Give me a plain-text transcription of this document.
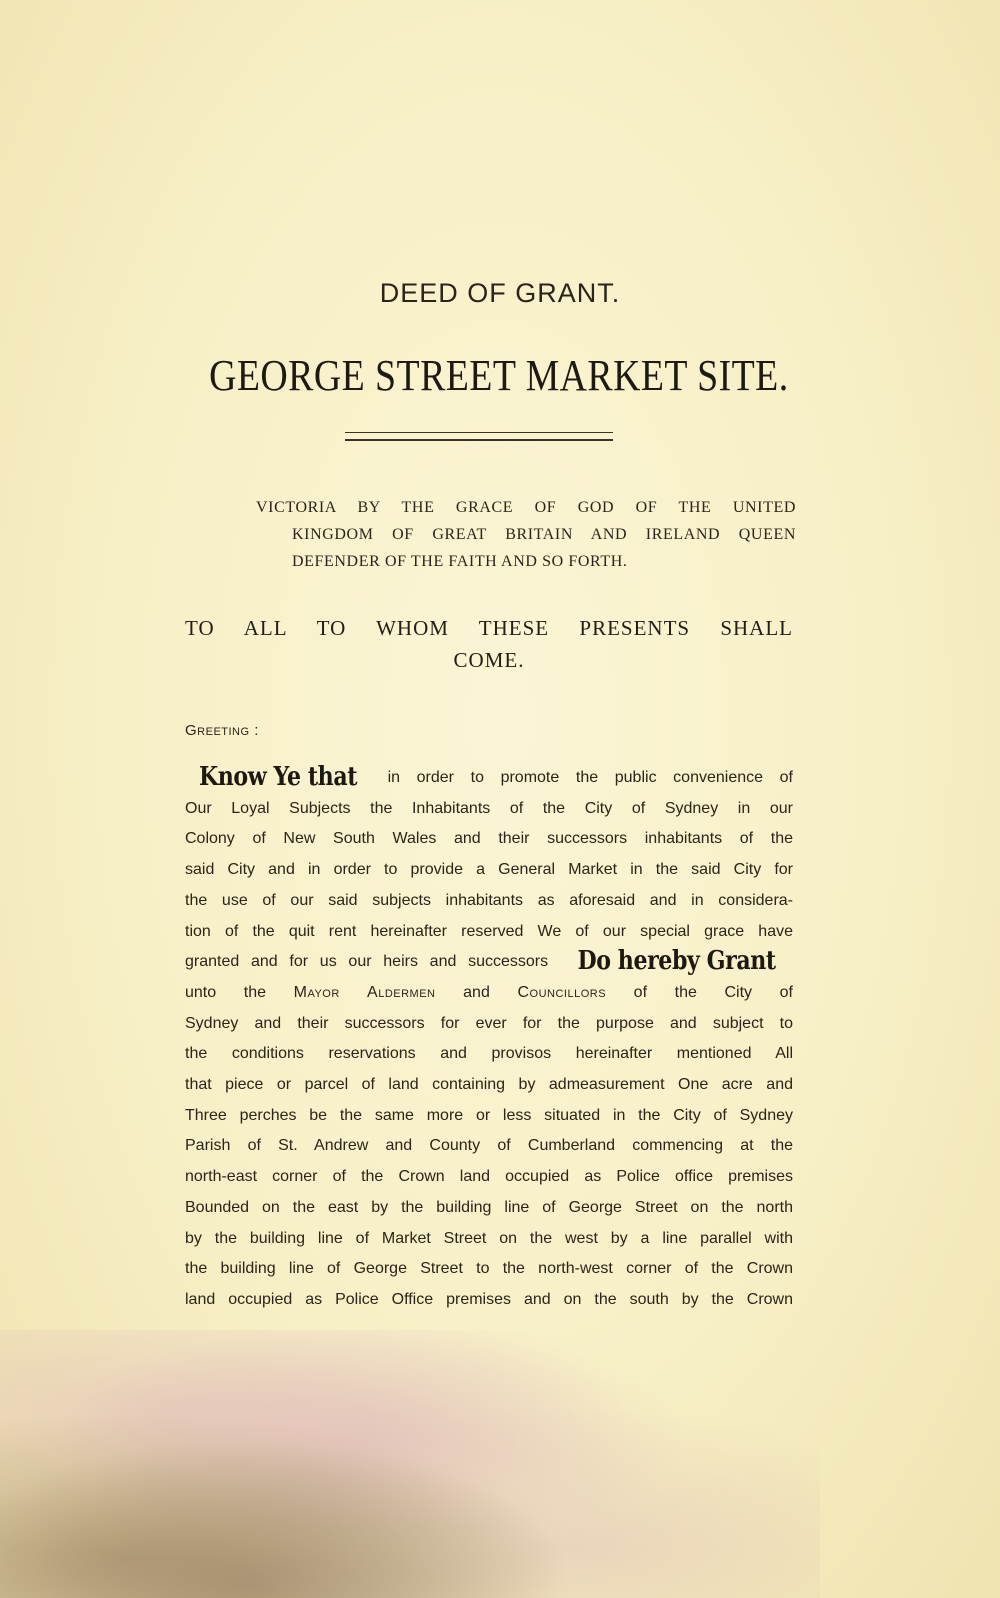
DEED OF GRANT.
GEORGE STREET MARKET SITE.
VICTORIA BY THE GRACE OF GOD OF THE UNITED
KINGDOM OF GREAT BRITAIN AND IRELAND QUEEN
DEFENDER OF THE FAITH AND SO FORTH.
TO ALL TO WHOM THESE PRESENTS SHALL
COME.
Greeting :
Know Ye that in order to promote the public convenience of
Our Loyal Subjects the Inhabitants of the City of Sydney in our
Colony of New South Wales and their successors inhabitants of the
said City and in order to provide a General Market in the said City for
the use of our said subjects inhabitants as aforesaid and in considera-
tion of the quit rent hereinafter reserved We of our special grace have
granted and for us our heirs and successors Do hereby Grant
unto the Mayor Aldermen and Councillors of the City of
Sydney and their successors for ever for the purpose and subject to
the conditions reservations and provisos hereinafter mentioned All
that piece or parcel of land containing by admeasurement One acre and
Three perches be the same more or less situated in the City of Sydney
Parish of St. Andrew and County of Cumberland commencing at the
north-east corner of the Crown land occupied as Police office premises
Bounded on the east by the building line of George Street on the north
by the building line of Market Street on the west by a line parallel with
the building line of George Street to the north-west corner of the Crown
land occupied as Police Office premises and on the south by the Crown
